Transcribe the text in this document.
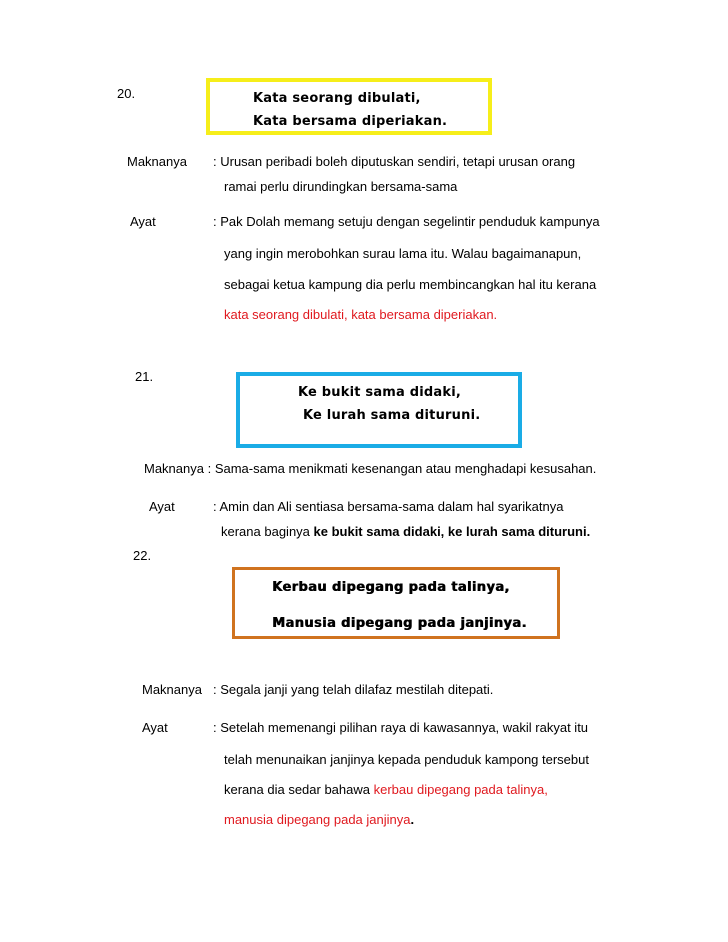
20.	Kata seorang dibulati,
Kata bersama diperiakan.
Maknanya : Urusan peribadi boleh diputuskan sendiri, tetapi urusan orang
ramai perlu dirundingkan bersama-sama
Ayat	: Pak Dolah memang setuju dengan segelintir penduduk kampunya
yang ingin merobohkan surau lama itu. Walau bagaimanapun,
sebagai ketua kampung dia perlu membincangkan hal itu kerana
kata seorang dibulati, kata bersama diperiakan.
21.
Ke bukit sama didaki,
Ke lurah sama dituruni.
Maknanya : Sama-sama menikmati kesenangan atau menghadapi kesusahan.
Ayat	: Amin dan Ali sentiasa bersama-sama dalam hal syarikatnya
kerana baginya ke bukit sama didaki, ke lurah sama dituruni.
22.
Kerbau dipegang pada talinya,
Manusia dipegang pada janjinya.
Maknanya : Segala janji yang telah dilafaz mestilah ditepati.
Ayat	: Setelah memenangi pilihan raya di kawasannya, wakil rakyat itu
telah menunaikan janjinya kepada penduduk kampong tersebut
kerana dia sedar bahawa kerbau dipegang pada talinya,
manusia dipegang pada janjinya.
